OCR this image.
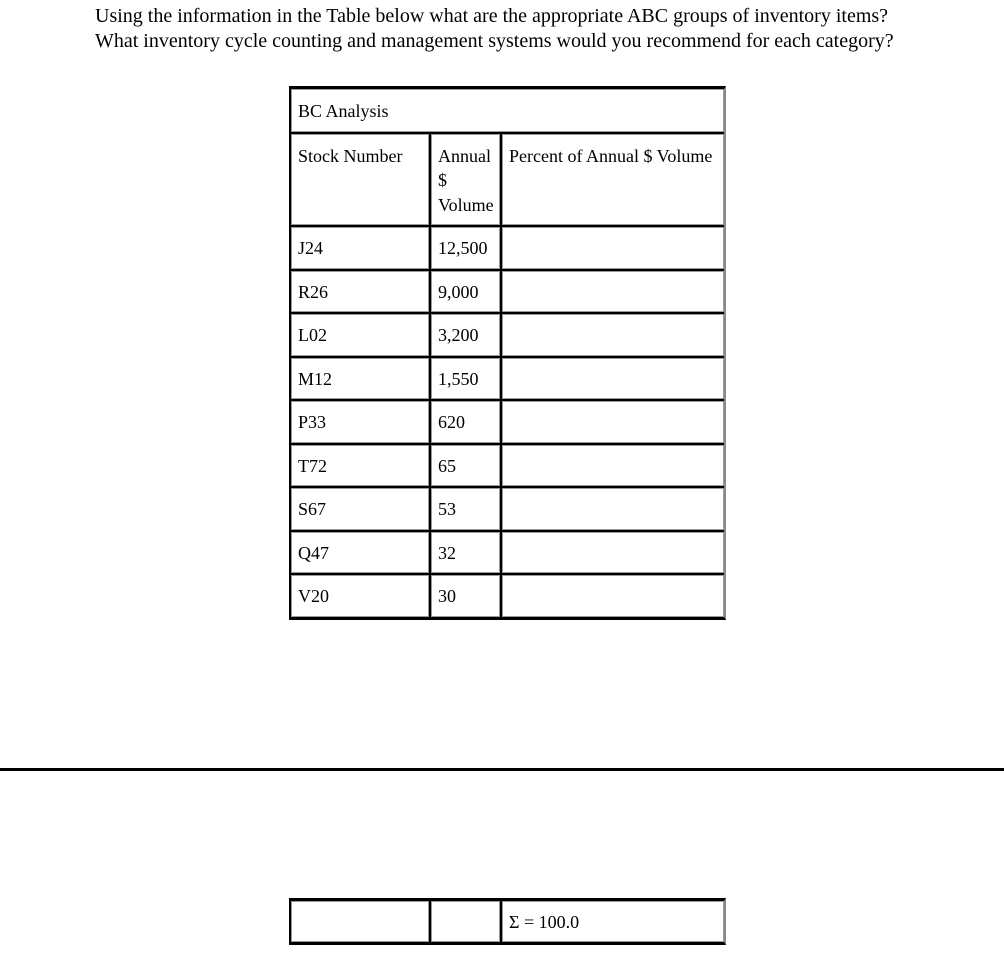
Using the information in the Table below what are the appropriate ABC groups of inventory items? What inventory cycle counting and management systems would you recommend for each category?

BC Analysis		
Stock Number	Annual $ Volume	Percent of Annual $ Volume
J24	12,500	
R26	9,000	
L02	3,200	
M12	1,550	
P33	620	
T72	65	
S67	53	
Q47	32	
V20	30	
		Σ = 100.0
